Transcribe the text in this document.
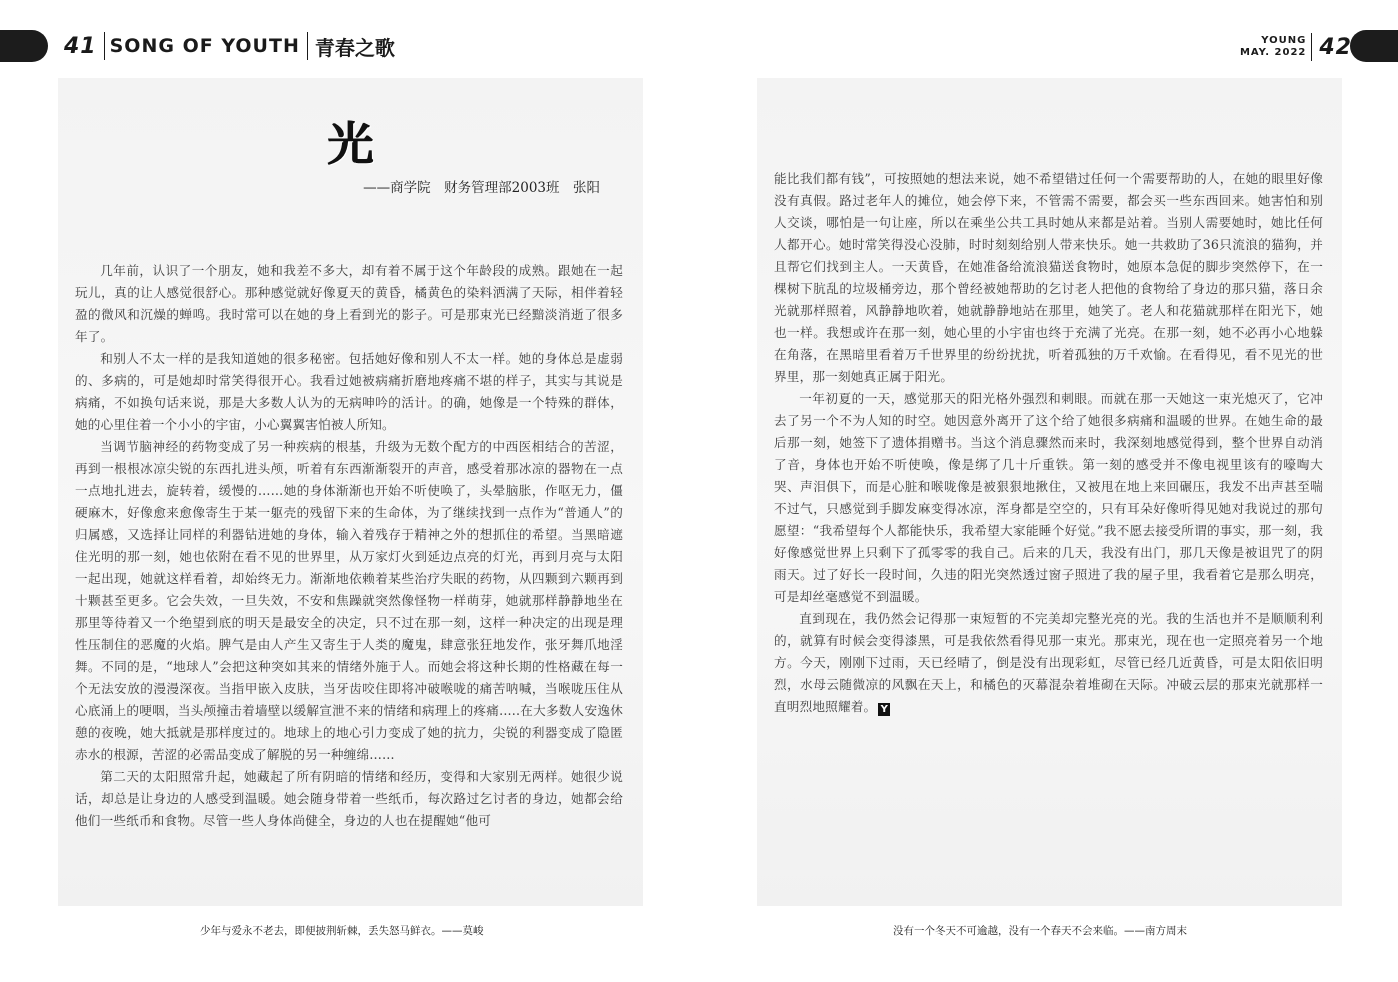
41 SONG OF YOUTH 青春之歌	YOUNG
MAY. 2022 42
光
——商学院　财务管理部2003班　张阳

几年前，认识了一个朋友，她和我差不多大，却有着不属于这个年龄段的成熟。跟她在一起玩儿，真的让人感觉很舒心。那种感觉就好像夏天的黄昏，橘黄色的染料洒满了天际，相伴着轻盈的微风和沉燥的蝉鸣。我时常可以在她的身上看到光的影子。可是那束光已经黯淡消逝了很多年了。

和别人不太一样的是我知道她的很多秘密。包括她好像和别人不太一样。她的身体总是虚弱的、多病的，可是她却时常笑得很开心。我看过她被病痛折磨地疼痛不堪的样子，其实与其说是病痛，不如换句话来说，那是大多数人认为的无病呻吟的活计。的确，她像是一个特殊的群体，她的心里住着一个小小的宇宙，小心翼翼害怕被人所知。

当调节脑神经的药物变成了另一种疾病的根基，升级为无数个配方的中西医相结合的苦涩，再到一根根冰凉尖锐的东西扎进头颅，听着有东西渐渐裂开的声音，感受着那冰凉的器物在一点一点地扎进去，旋转着，缓慢的……她的身体渐渐也开始不听使唤了，头晕脑胀，作呕无力，僵硬麻木，好像愈来愈像寄生于某一躯壳的残留下来的生命体，为了继续找到一点作为“普通人”的归属感，又选择让同样的利器钻进她的身体，输入着残存于精神之外的想抓住的希望。当黑暗遮住光明的那一刻，她也依附在看不见的世界里，从万家灯火到延边点亮的灯光，再到月亮与太阳一起出现，她就这样看着，却始终无力。渐渐地依赖着某些治疗失眠的药物，从四颗到六颗再到十颗甚至更多。它会失效，一旦失效，不安和焦躁就突然像怪物一样萌芽，她就那样静静地坐在那里等待着又一个绝望到底的明天是最安全的决定，只不过在那一刻，这样一种决定的出现是理性压制住的恶魔的火焰。脾气是由人产生又寄生于人类的魔鬼，肆意张狂地发作，张牙舞爪地淫舞。不同的是，“地球人”会把这种突如其来的情绪外施于人。而她会将这种长期的性格藏在每一个无法安放的漫漫深夜。当指甲嵌入皮肤，当牙齿咬住即将冲破喉咙的痛苦呐喊，当喉咙压住从心底涌上的哽咽，当头颅撞击着墙壁以缓解宣泄不来的情绪和病理上的疼痛.....在大多数人安逸休憩的夜晚，她大抵就是那样度过的。地球上的地心引力变成了她的抗力，尖锐的利器变成了隐匿赤水的根源，苦涩的必需品变成了解脱的另一种缠绵……

第二天的太阳照常升起，她藏起了所有阴暗的情绪和经历，变得和大家别无两样。她很少说话，却总是让身边的人感受到温暖。她会随身带着一些纸币，每次路过乞讨者的身边，她都会给他们一些纸币和食物。尽管一些人身体尚健全，身边的人也在提醒她“他可

能比我们都有钱”，可按照她的想法来说，她不希望错过任何一个需要帮助的人，在她的眼里好像没有真假。路过老年人的摊位，她会停下来，不管需不需要，都会买一些东西回来。她害怕和别人交谈，哪怕是一句让座，所以在乘坐公共工具时她从来都是站着。当别人需要她时，她比任何人都开心。她时常笑得没心没肺，时时刻刻给别人带来快乐。她一共救助了36只流浪的猫狗，并且帮它们找到主人。一天黄昏，在她准备给流浪猫送食物时，她原本急促的脚步突然停下，在一棵树下肮乱的垃圾桶旁边，那个曾经被她帮助的乞讨老人把他的食物给了身边的那只猫，落日余光就那样照着，风静静地吹着，她就静静地站在那里，她笑了。老人和花猫就那样在阳光下，她也一样。我想或许在那一刻，她心里的小宇宙也终于充满了光亮。在那一刻，她不必再小心地躲在角落，在黑暗里看着万千世界里的纷纷扰扰，听着孤独的万千欢愉。在看得见，看不见光的世界里，那一刻她真正属于阳光。

一年初夏的一天，感觉那天的阳光格外强烈和刺眼。而就在那一天她这一束光熄灭了，它冲去了另一个不为人知的时空。她因意外离开了这个给了她很多病痛和温暖的世界。在她生命的最后那一刻，她签下了遗体捐赠书。当这个消息骤然而来时，我深刻地感觉得到，整个世界自动消了音，身体也开始不听使唤，像是绑了几十斤重铁。第一刻的感受并不像电视里该有的嚎啕大哭、声泪俱下，而是心脏和喉咙像是被狠狠地揪住，又被甩在地上来回碾压，我发不出声甚至喘不过气，只感觉到手脚发麻变得冰凉，浑身都是空空的，只有耳朵好像听得见她对我说过的那句愿望：“我希望每个人都能快乐，我希望大家能睡个好觉。”我不愿去接受所谓的事实，那一刻，我好像感觉世界上只剩下了孤零零的我自己。后来的几天，我没有出门，那几天像是被诅咒了的阴雨天。过了好长一段时间，久违的阳光突然透过窗子照进了我的屋子里，我看着它是那么明亮，可是却丝毫感觉不到温暖。

直到现在，我仍然会记得那一束短暂的不完美却完整光亮的光。我的生活也并不是顺顺利利的，就算有时候会变得漆黑，可是我依然看得见那一束光。那束光，现在也一定照亮着另一个地方。今天，刚刚下过雨，天已经晴了，倒是没有出现彩虹，尽管已经几近黄昏，可是太阳依旧明烈，水母云随微凉的风飘在天上，和橘色的灭幕混杂着堆砌在天际。冲破云层的那束光就那样一直明烈地照耀着。 Y

少年与爱永不老去，即便披荆斩棘，丢失怒马鲜衣。——莫峻	没有一个冬天不可逾越，没有一个春天不会来临。——南方周末
